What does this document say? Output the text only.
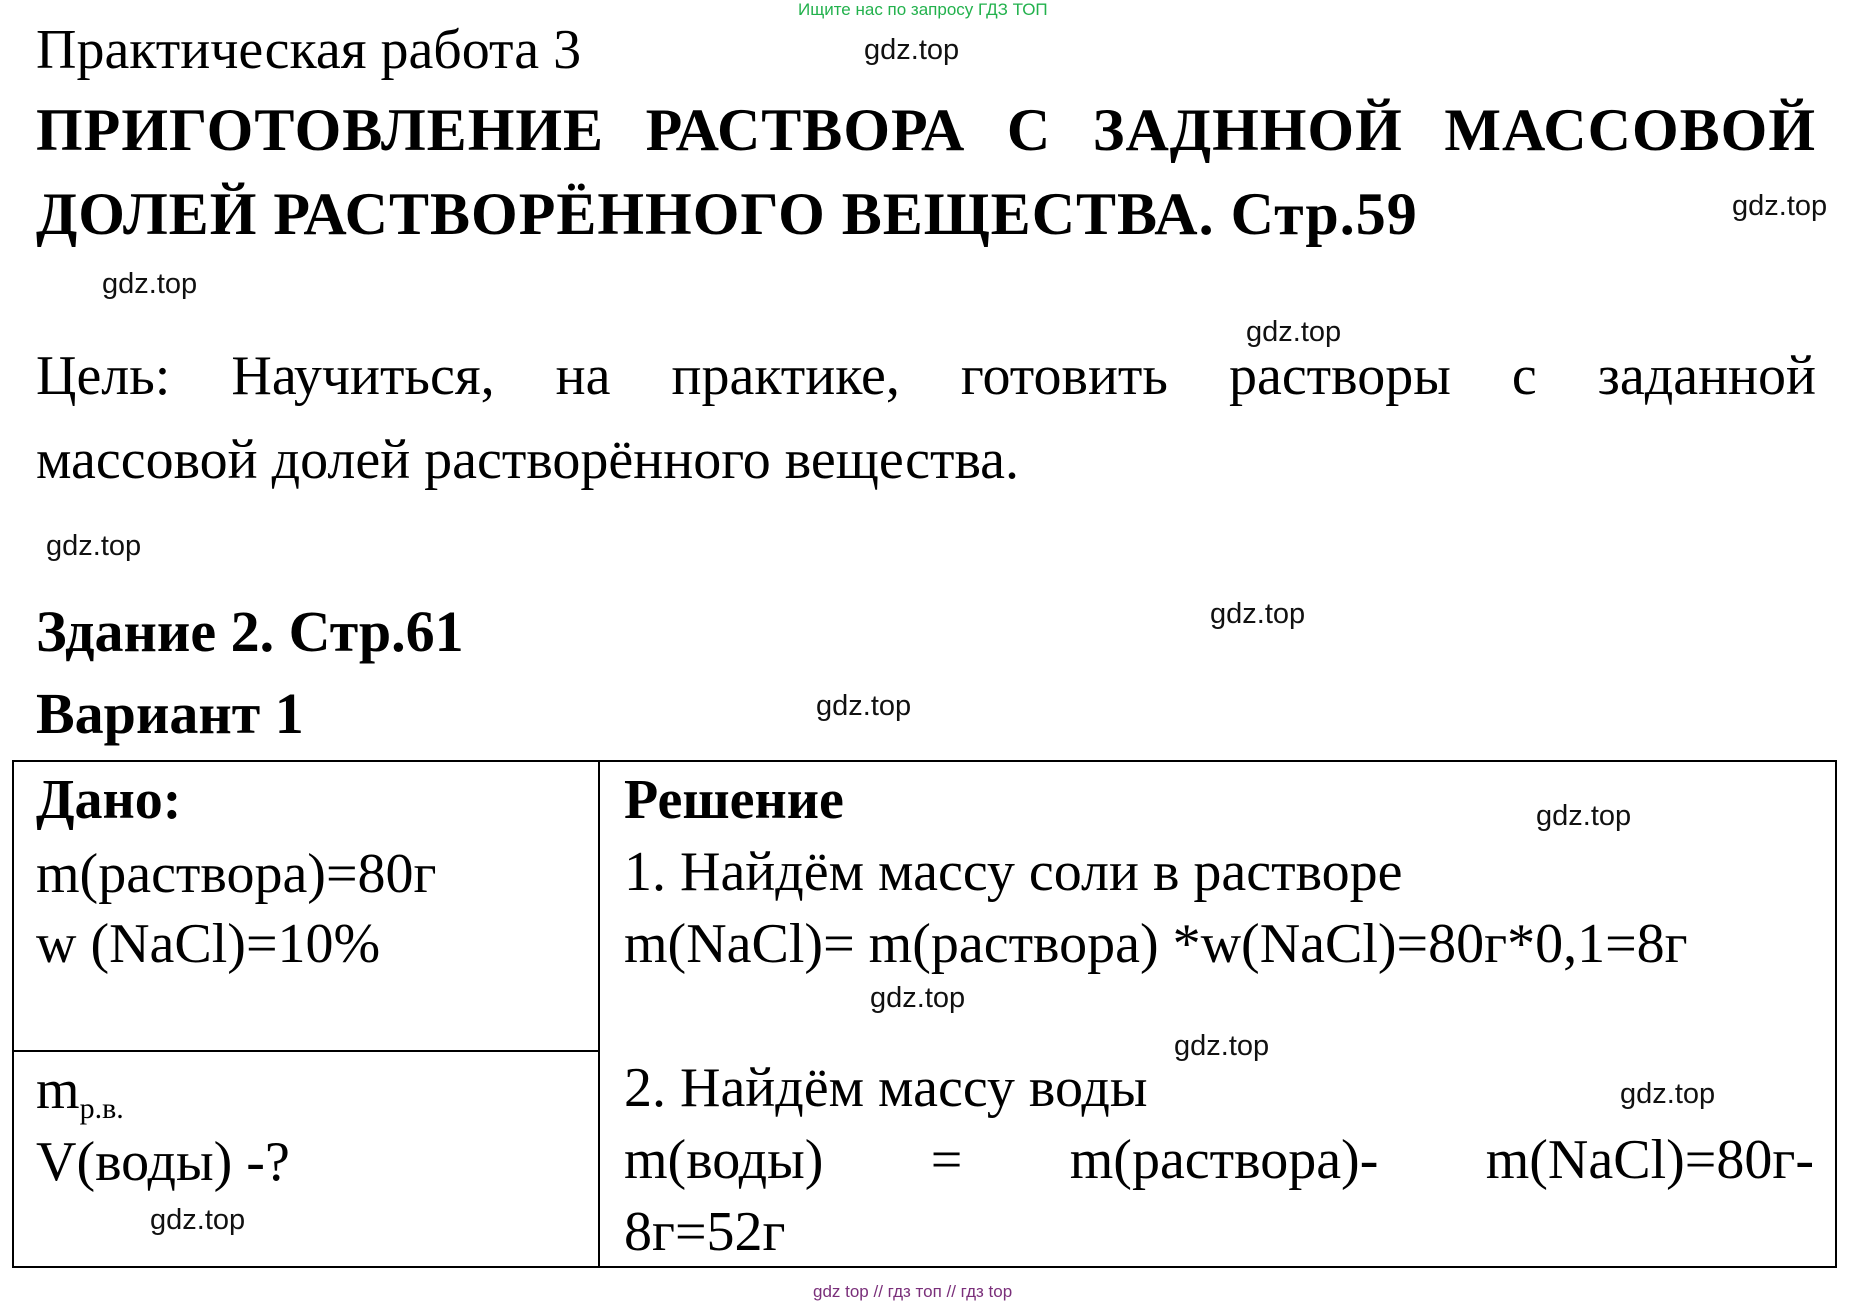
Ищите нас по запросу ГДЗ ТОП
Практическая работа 3
ПРИГОТОВЛЕНИЕ РАСТВОРА С ЗАДННОЙ МАССОВОЙ
ДОЛЕЙ РАСТВОРЁННОГО ВЕЩЕСТВА. Стр.59
Цель: Научиться, на практике, готовить растворы с заданной
массовой долей растворённого вещества.
Здание 2. Стр.61
Вариант 1
Дано:
m(раствора)=80г
w (NaCl)=10%
$m_{р.в.}$
V(воды) -?
Решение
1. Найдём массу соли в растворе
m(NaCl)= m(раствора) *w(NaCl)=80г*0,1=8г
2. Найдём массу воды
m(воды)   =   m(раствора)-   m(NaCl)=80г-
8г=52г
gdz.top
gdz.top
gdz.top
gdz.top
gdz.top
gdz.top
gdz.top
gdz.top
gdz.top
gdz.top
gdz.top
gdz.top
gdz top // гдз топ // гдз top
